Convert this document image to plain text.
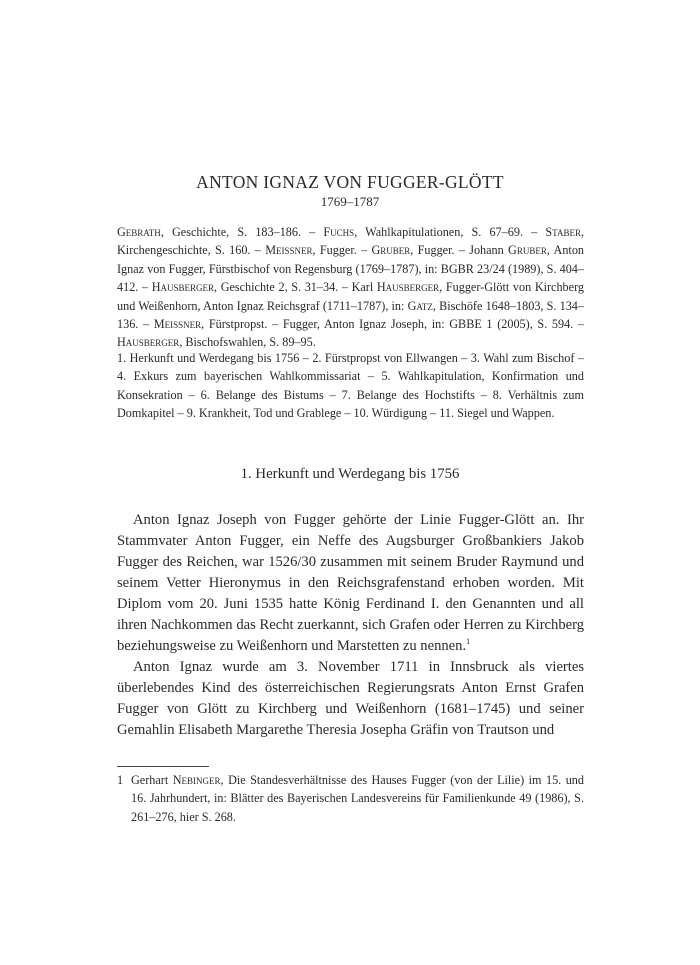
ANTON IGNAZ VON FUGGER-GLÖTT
1769–1787
Gebrath, Geschichte, S. 183–186. – Fuchs, Wahlkapitulationen, S. 67–69. – Staber, Kirchengeschichte, S. 160. – Meissner, Fugger. – Gruber, Fugger. – Johann Gruber, Anton Ignaz von Fugger, Fürstbischof von Regensburg (1769–1787), in: BGBR 23/24 (1989), S. 404–412. – Hausberger, Geschichte 2, S. 31–34. – Karl Hausberger, Fugger-Glött von Kirchberg und Weißenhorn, Anton Ignaz Reichsgraf (1711–1787), in: Gatz, Bischöfe 1648–1803, S. 134–136. – Meissner, Fürstpropst. – Fugger, Anton Ignaz Joseph, in: GBBE 1 (2005), S. 594. – Hausberger, Bischofswahlen, S. 89–95.
1. Herkunft und Werdegang bis 1756 – 2. Fürstpropst von Ellwangen – 3. Wahl zum Bischof – 4. Exkurs zum bayerischen Wahlkommissariat – 5. Wahlkapitulation, Konfirmation und Konsekration – 6. Belange des Bistums – 7. Belange des Hochstifts – 8. Verhältnis zum Domkapitel – 9. Krankheit, Tod und Grablege – 10. Würdigung – 11. Siegel und Wappen.
1. Herkunft und Werdegang bis 1756

Anton Ignaz Joseph von Fugger gehörte der Linie Fugger-Glött an. Ihr Stammvater Anton Fugger, ein Neffe des Augsburger Großbankiers Jakob Fugger des Reichen, war 1526/30 zusammen mit seinem Bruder Raymund und seinem Vetter Hieronymus in den Reichsgrafenstand erhoben worden. Mit Diplom vom 20. Juni 1535 hatte König Ferdinand I. den Genannten und all ihren Nachkommen das Recht zuerkannt, sich Grafen oder Herren zu Kirchberg beziehungsweise zu Weißenhorn und Marstetten zu nennen.$^1$

Anton Ignaz wurde am 3. November 1711 in Innsbruck als viertes überlebendes Kind des österreichischen Regierungsrats Anton Ernst Grafen Fugger von Glött zu Kirchberg und Weißenhorn (1681–1745) und seiner Gemahlin Elisabeth Margarethe Theresia Josepha Gräfin von Trautson und

1 Gerhart Nebinger, Die Standesverhältnisse des Hauses Fugger (von der Lilie) im 15. und 16. Jahrhundert, in: Blätter des Bayerischen Landesvereins für Familienkunde 49 (1986), S. 261–276, hier S. 268.
